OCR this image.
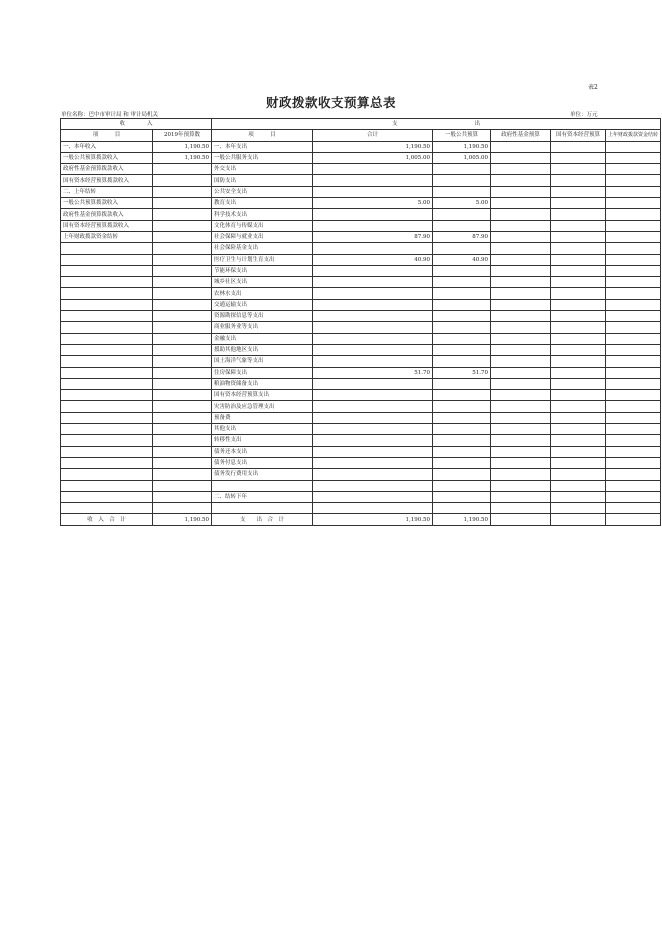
表2
财政拨款收支预算总表
单位名称：巴中市审计局 和 审计局机关	单位：万元
收　　　　入		支　　　　　　　　　　　　　　出					
项　　　目	2019年预算数	项　　　目	合计	一般公共预算	政府性基金预算	国有资本经营预算	上年财政拨款资金结转
一、本年收入	1,190.50	一、本年支出	1,190.50	1,190.50			
一般公共预算拨款收入	1,190.50	一般公共服务支出	1,005.00	1,005.00			
政府性基金预算拨款收入		外交支出					
国有资本经营预算拨款收入		国防支出					
二、上年结转		公共安全支出					
一般公共预算拨款收入		教育支出	5.00	5.00			
政府性基金预算拨款收入		科学技术支出					
国有资本经营预算拨款收入		文化体育与传媒支出					
上年财政拨款资金结转		社会保障与就业支出	87.90	87.90			
		社会保险基金支出					
		医疗卫生与计划生育支出	40.90	40.90			
		节能环保支出					
		城乡社区支出					
		农林水支出					
		交通运输支出					
		资源勘探信息等支出					
		商业服务业等支出					
		金融支出					
		援助其他地区支出					
		国土海洋气象等支出					
		住房保障支出	51.70	51.70			
		粮油物资储备支出					
		国有资本经营预算支出					
		灾害防治及应急管理支出					
		预备费					
		其他支出					
		转移性支出					
		债务还本支出					
		债务付息支出					
		债务发行费用支出					

		二、结转下年					

收　入　合　计	1,190.50	支　　出　合　计	1,190.50	1,190.50			
